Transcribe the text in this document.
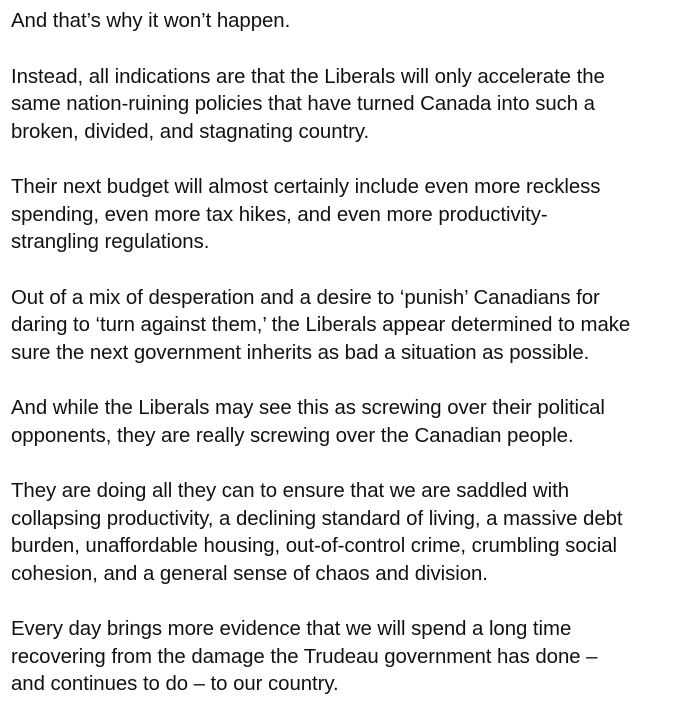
And that’s why it won’t happen.

Instead, all indications are that the Liberals will only accelerate the
same nation-ruining policies that have turned Canada into such a
broken, divided, and stagnating country.

Their next budget will almost certainly include even more reckless
spending, even more tax hikes, and even more productivity-
strangling regulations.

Out of a mix of desperation and a desire to ‘punish’ Canadians for
daring to ‘turn against them,’ the Liberals appear determined to make
sure the next government inherits as bad a situation as possible.

And while the Liberals may see this as screwing over their political
opponents, they are really screwing over the Canadian people.

They are doing all they can to ensure that we are saddled with
collapsing productivity, a declining standard of living, a massive debt
burden, unaffordable housing, out-of-control crime, crumbling social
cohesion, and a general sense of chaos and division.

Every day brings more evidence that we will spend a long time
recovering from the damage the Trudeau government has done –
and continues to do – to our country.
